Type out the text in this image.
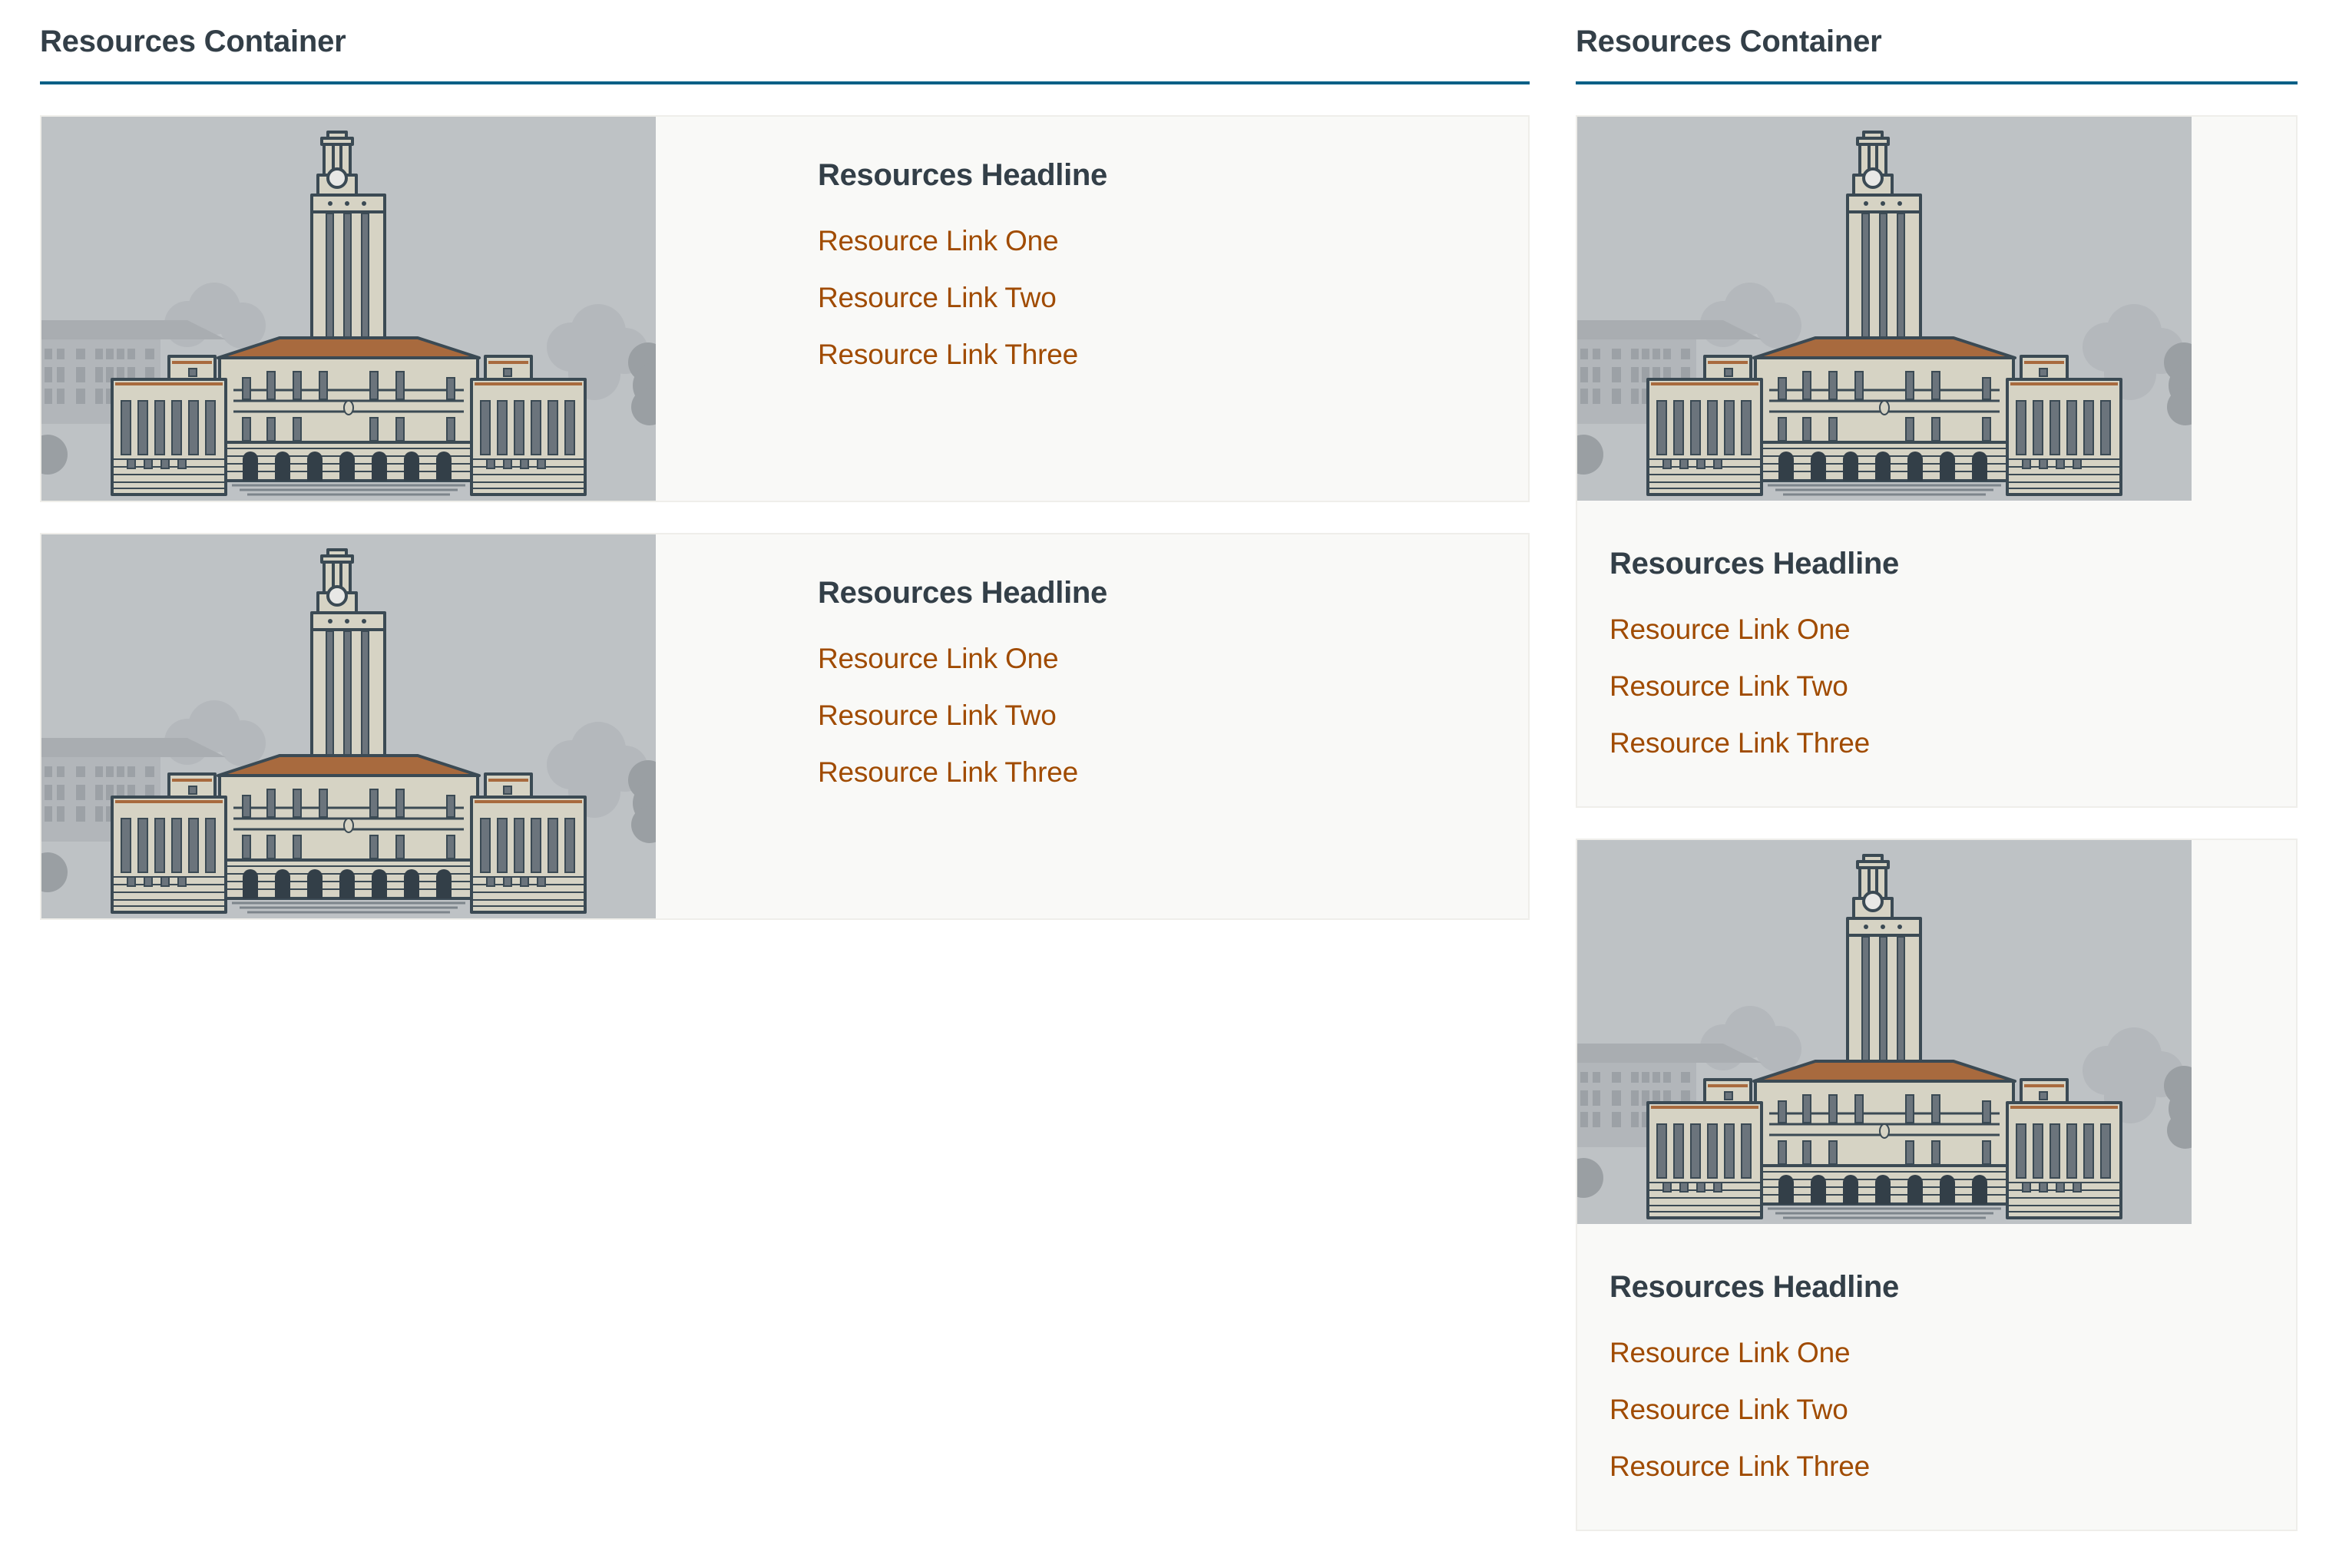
Resources Container
Resources Headline
Resource Link One
Resource Link Two
Resource Link Three
Resources Headline
Resource Link One
Resource Link Two
Resource Link Three
Resources Container
Resources Headline
Resource Link One
Resource Link Two
Resource Link Three
Resources Headline
Resource Link One
Resource Link Two
Resource Link Three
